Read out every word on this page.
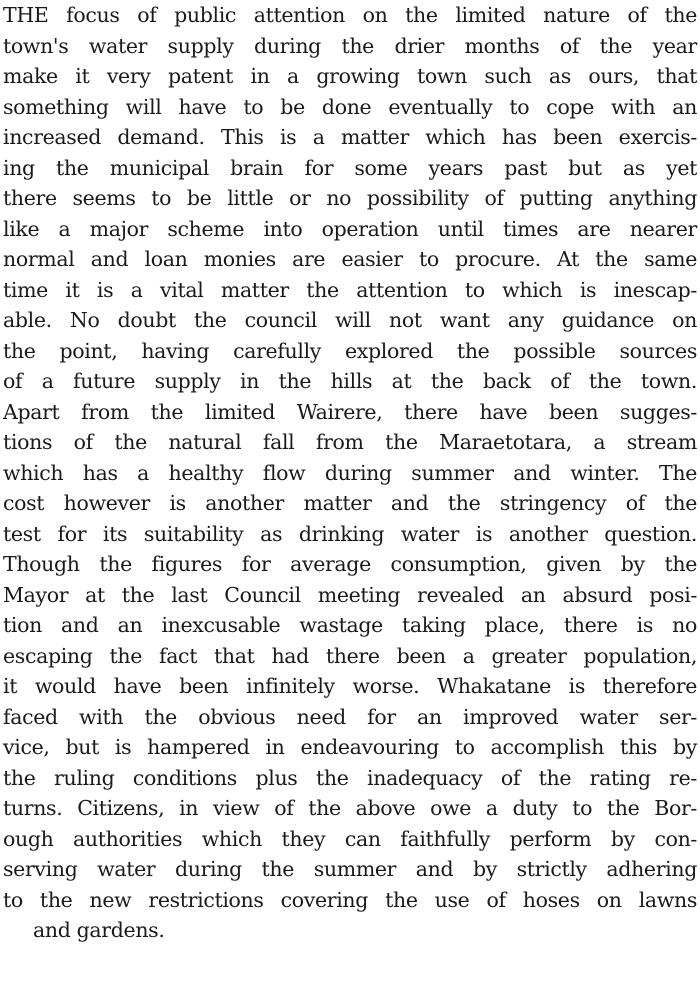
THE focus of public attention on the limited nature of the
town's water supply during the drier months of the year
make it very patent in a growing town such as ours, that
something will have to be done eventually to cope with an
increased demand. This is a matter which has been exercis-
ing the municipal brain for some years past but as yet
there seems to be little or no possibility of putting anything
like a major scheme into operation until times are nearer
normal and loan monies are easier to procure. At the same
time it is a vital matter the attention to which is inescap-
able. No doubt the council will not want any guidance on
the point, having carefully explored the possible sources
of a future supply in the hills at the back of the town.
Apart from the limited Wairere, there have been sugges-
tions of the natural fall from the Maraetotara, a stream
which has a healthy flow during summer and winter. The
cost however is another matter and the stringency of the
test for its suitability as drinking water is another question.
Though the figures for average consumption, given by the
Mayor at the last Council meeting revealed an absurd posi-
tion and an inexcusable wastage taking place, there is no
escaping the fact that had there been a greater population,
it would have been infinitely worse. Whakatane is therefore
faced with the obvious need for an improved water ser-
vice, but is hampered in endeavouring to accomplish this by
the ruling conditions plus the inadequacy of the rating re-
turns. Citizens, in view of the above owe a duty to the Bor-
ough authorities which they can faithfully perform by con-
serving water during the summer and by strictly adhering
to the new restrictions covering the use of hoses on lawns
and gardens.
